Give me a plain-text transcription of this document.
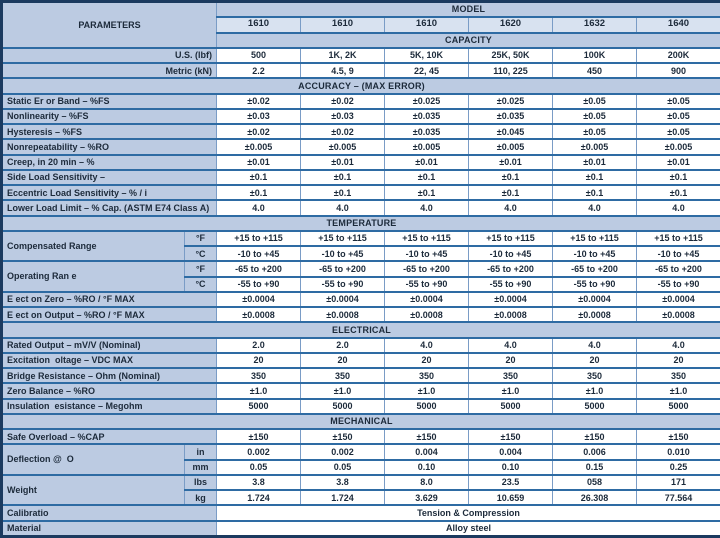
PARAMETERS		MODEL					
		1610	1610	1610	1620	1632	1640
		CAPACITY					
U.S. (lbf)		500	1K, 2K	5K, 10K	25K, 50K	100K	200K
Metric (kN)		2.2	4.5, 9	22, 45	110, 225	450	900
ACCURACY – (MAX ERROR)							
Static Er or Band – %FS		±0.02	±0.02	±0.025	±0.025	±0.05	±0.05
Nonlinearity – %FS		±0.03	±0.03	±0.035	±0.035	±0.05	±0.05
Hysteresis – %FS		±0.02	±0.02	±0.035	±0.045	±0.05	±0.05
Nonrepeatability – %RO		±0.005	±0.005	±0.005	±0.005	±0.005	±0.005
Creep, in 20 min – %		±0.01	±0.01	±0.01	±0.01	±0.01	±0.01
Side Load Sensitivity –		±0.1	±0.1	±0.1	±0.1	±0.1	±0.1
Eccentric Load Sensitivity – % / i		±0.1	±0.1	±0.1	±0.1	±0.1	±0.1
Lower Load Limit – % Cap. (ASTM E74 Class A)		4.0	4.0	4.0	4.0	4.0	4.0
TEMPERATURE							
Compensated Range	°F	+15 to +115	+15 to +115	+15 to +115	+15 to +115	+15 to +115	+15 to +115
	°C	-10 to +45	-10 to +45	-10 to +45	-10 to +45	-10 to +45	-10 to +45
Operating Ran e	°F	-65 to +200	-65 to +200	-65 to +200	-65 to +200	-65 to +200	-65 to +200
	°C	-55 to +90	-55 to +90	-55 to +90	-55 to +90	-55 to +90	-55 to +90
E ect on Zero – %RO / °F MAX		±0.0004	±0.0004	±0.0004	±0.0004	±0.0004	±0.0004
E ect on Output – %RO / °F MAX		±0.0008	±0.0008	±0.0008	±0.0008	±0.0008	±0.0008
ELECTRICAL							
Rated Output – mV/V (Nominal)		2.0	2.0	4.0	4.0	4.0	4.0
Excitation  oltage – VDC MAX		20	20	20	20	20	20
Bridge Resistance – Ohm (Nominal)		350	350	350	350	350	350
Zero Balance – %RO		±1.0	±1.0	±1.0	±1.0	±1.0	±1.0
Insulation  esistance – Megohm		5000	5000	5000	5000	5000	5000
MECHANICAL							
Safe Overload – %CAP		±150	±150	±150	±150	±150	±150
Deflection @  O	in	0.002	0.002	0.004	0.004	0.006	0.010
	mm	0.05	0.05	0.10	0.10	0.15	0.25
Weight	lbs	3.8	3.8	8.0	23.5	058	171
	kg	1.724	1.724	3.629	10.659	26.308	77.564
Calibratio		Tension & Compression					
Material		Alloy steel					
